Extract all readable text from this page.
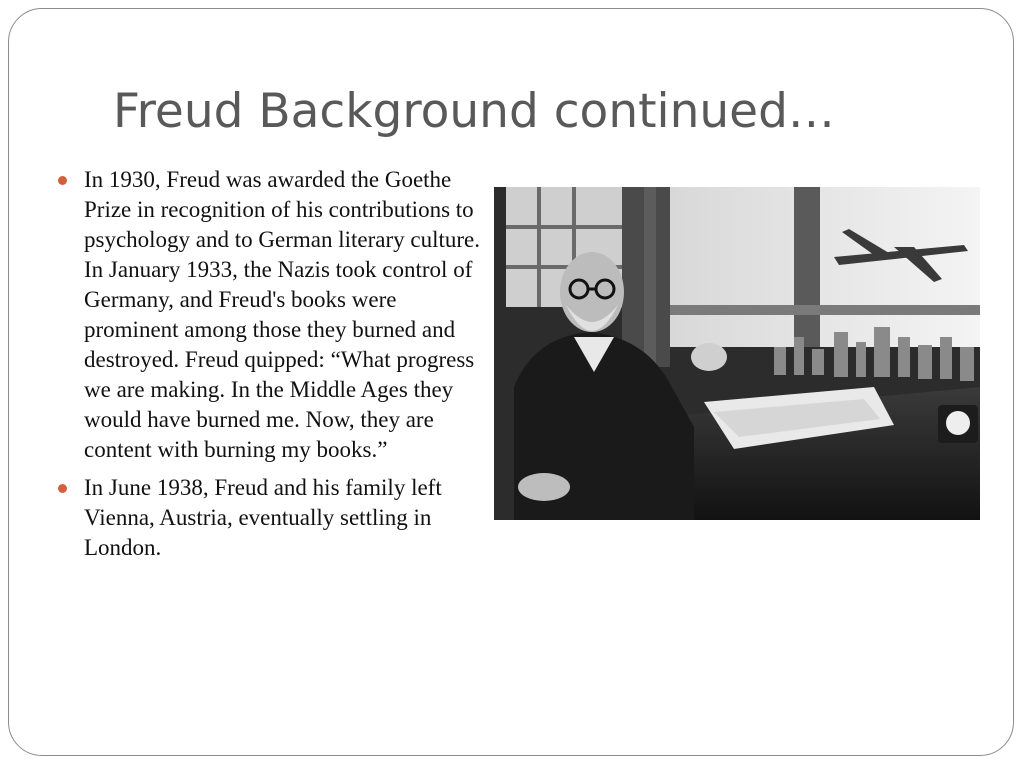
Freud Background continued…
In 1930, Freud was awarded the Goethe Prize in recognition of his contributions to psychology and to German literary culture. In January 1933, the Nazis took control of Germany, and Freud's books were prominent among those they burned and destroyed. Freud quipped: “What progress we are making. In the Middle Ages they would have burned me. Now, they are content with burning my books.”
In June 1938, Freud and his family left Vienna, Austria, eventually settling in London.
